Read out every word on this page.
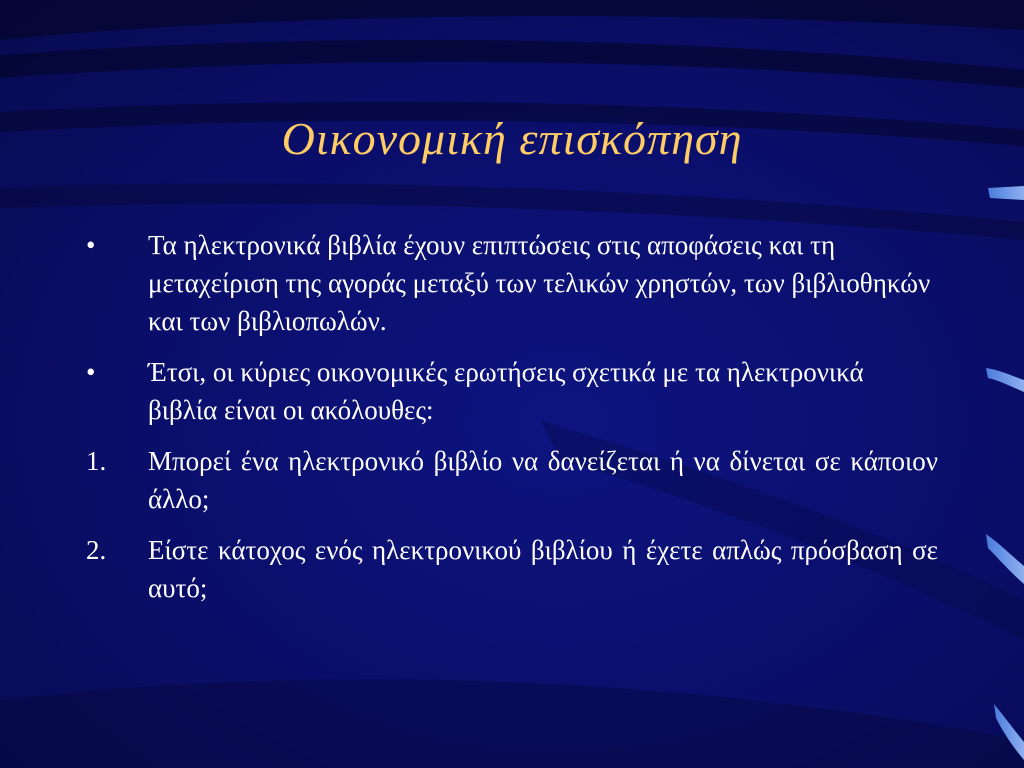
Οικονομική επισκόπηση
•	Τα ηλεκτρονικά βιβλία έχουν επιπτώσεις στις αποφάσεις και τη μεταχείριση της αγοράς μεταξύ των τελικών χρηστών, των βιβλιοθηκών και των βιβλιοπωλών.
•	Έτσι, οι κύριες οικονομικές ερωτήσεις σχετικά με τα ηλεκτρονικά βιβλία είναι οι ακόλουθες:
1.	Μπορεί ένα ηλεκτρονικό βιβλίο να δανείζεται ή να δίνεται σε κάποιον άλλο;
2.	Είστε κάτοχος ενός ηλεκτρονικού βιβλίου ή έχετε απλώς πρόσβαση σε αυτό;
